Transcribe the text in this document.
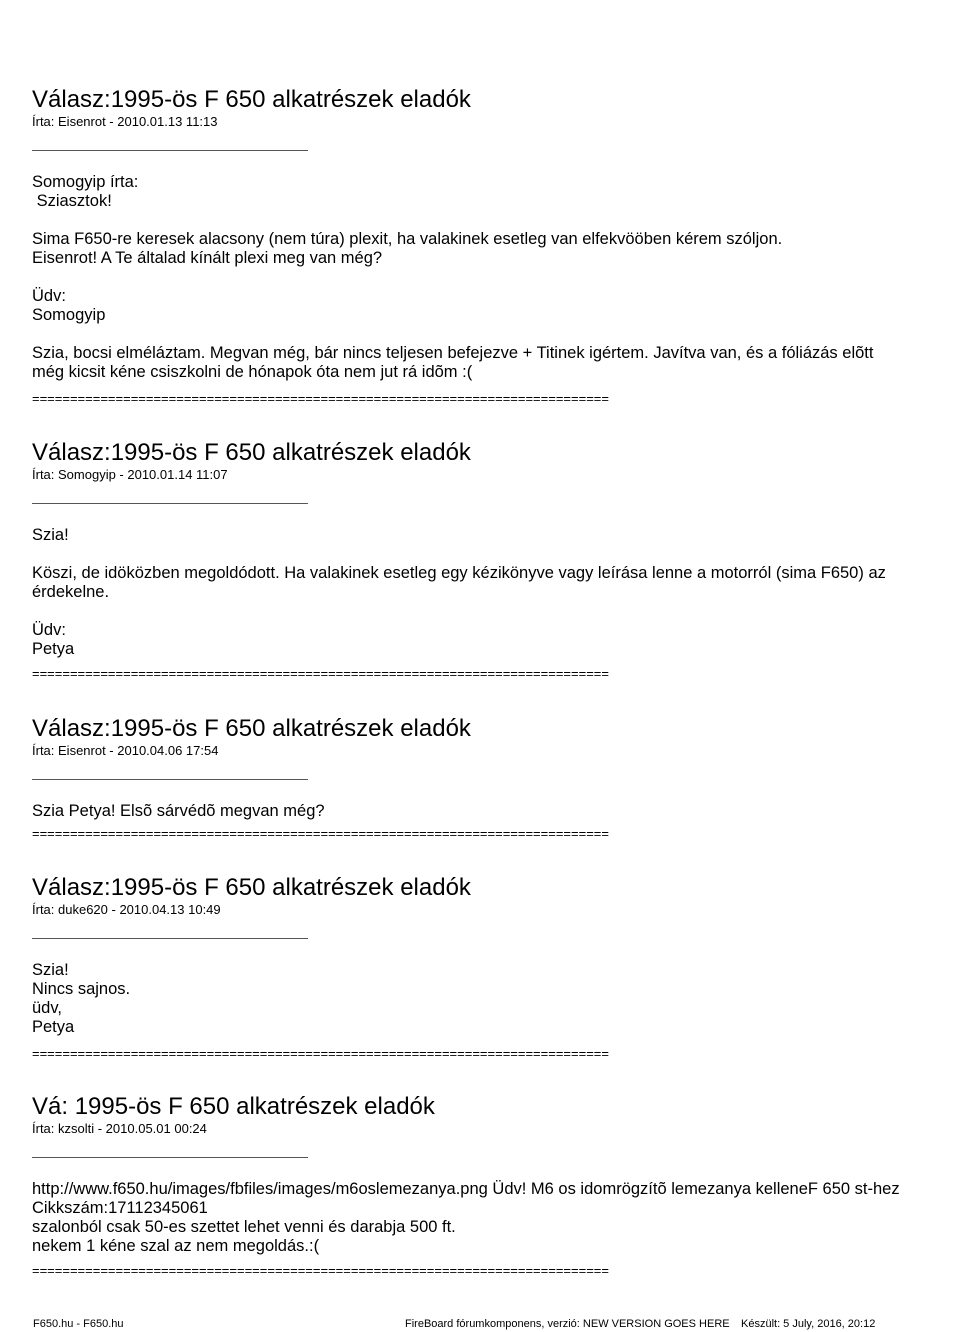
Válasz:1995-ös F 650 alkatrészek eladók
Írta: Eisenrot - 2010.01.13 11:13
Somogyip írta:
Sziasztok!
Sima F650-re keresek alacsony (nem túra) plexit, ha valakinek esetleg van elfekvööben kérem szóljon.
Eisenrot! A Te általad kínált plexi meg van még?
Üdv:
Somogyip
Szia, bocsi elméláztam. Megvan még, bár nincs teljesen befejezve + Titinek igértem. Javítva van, és a fóliázás elõtt
még kicsit kéne csiszkolni de hónapok óta nem jut rá idõm :(
============================================================================
Válasz:1995-ös F 650 alkatrészek eladók
Írta: Somogyip - 2010.01.14 11:07
Szia!
Köszi, de idöközben megoldódott. Ha valakinek esetleg egy kézikönyve vagy leírása lenne a motorról (sima F650) az
érdekelne.
Üdv:
Petya
============================================================================
Válasz:1995-ös F 650 alkatrészek eladók
Írta: Eisenrot - 2010.04.06 17:54
Szia Petya! Elsõ sárvédõ megvan még?
============================================================================
Válasz:1995-ös F 650 alkatrészek eladók
Írta: duke620 - 2010.04.13 10:49
Szia!
Nincs sajnos.
üdv,
Petya
============================================================================
Vá: 1995-ös F 650 alkatrészek eladók
Írta: kzsolti - 2010.05.01 00:24
http://www.f650.hu/images/fbfiles/images/m6oslemezanya.png Üdv! M6 os idomrögzítõ lemezanya kelleneF 650 st-hez
Cikkszám:17112345061
szalonból csak 50-es szettet lehet venni és darabja 500 ft.
nekem 1 kéne szal az nem megoldás.:(
============================================================================
F650.hu - F650.hu	FireBoard fórumkomponens, verzió: NEW VERSION GOES HERE Készült: 5 July, 2016, 20:12
